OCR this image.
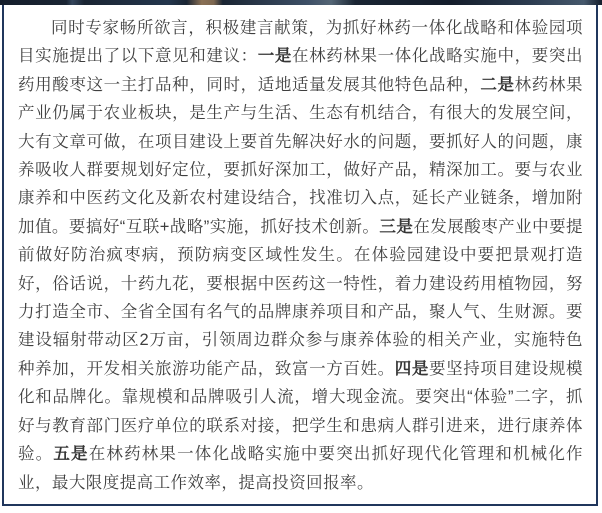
同时专家畅所欲言，积极建言献策，为抓好林药一体化战略和体验园项目实施提出了以下意见和建议：一是在林药林果一体化战略实施中，要突出药用酸枣这一主打品种，同时，适地适量发展其他特色品种，二是林药林果产业仍属于农业板块，是生产与生活、生态有机结合，有很大的发展空间，大有文章可做，在项目建设上要首先解决好水的问题，要抓好人的问题，康养吸收人群要规划好定位，要抓好深加工，做好产品，精深加工。要与农业康养和中医药文化及新农村建设结合，找准切入点，延长产业链条，增加附加值。要搞好“互联+战略”实施，抓好技术创新。三是在发展酸枣产业中要提前做好防治疯枣病，预防病变区域性发生。在体验园建设中要把景观打造好，俗话说，十药九花，要根据中医药这一特性，着力建设药用植物园，努力打造全市、全省全国有名气的品牌康养项目和产品，聚人气、生财源。要建设辐射带动区2万亩，引领周边群众参与康养体验的相关产业，实施特色种养加，开发相关旅游功能产品，致富一方百姓。四是要坚持项目建设规模化和品牌化。靠规模和品牌吸引人流，增大现金流。要突出“体验”二字，抓好与教育部门医疗单位的联系对接，把学生和患病人群引进来，进行康养体验。五是在林药林果一体化战略实施中要突出抓好现代化管理和机械化作业，最大限度提高工作效率，提高投资回报率。
